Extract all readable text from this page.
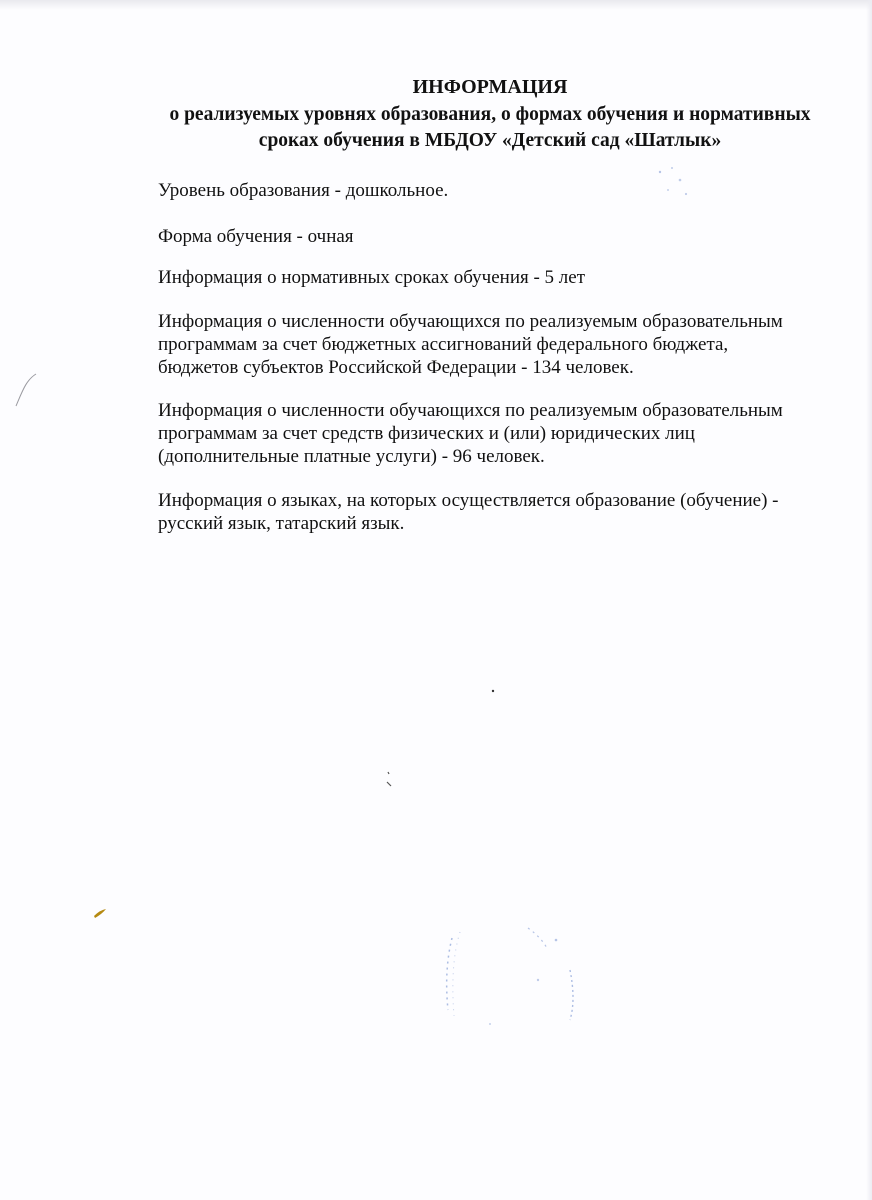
ИНФОРМАЦИЯ
о реализуемых уровнях образования, о формах обучения и нормативных
сроках обучения в МБДОУ «Детский сад «Шатлык»
Уровень образования - дошкольное.
Форма обучения - очная
Информация о нормативных сроках обучения - 5 лет
Информация о численности обучающихся по реализуемым образовательным
программам за счет бюджетных ассигнований федерального бюджета,
бюджетов субъектов Российской Федерации - 134 человек.
Информация о численности обучающихся по реализуемым образовательным
программам за счет средств физических и (или) юридических лиц
(дополнительные платные услуги) - 96 человек.
Информация о языках, на которых осуществляется образование (обучение) -
русский язык, татарский язык.
